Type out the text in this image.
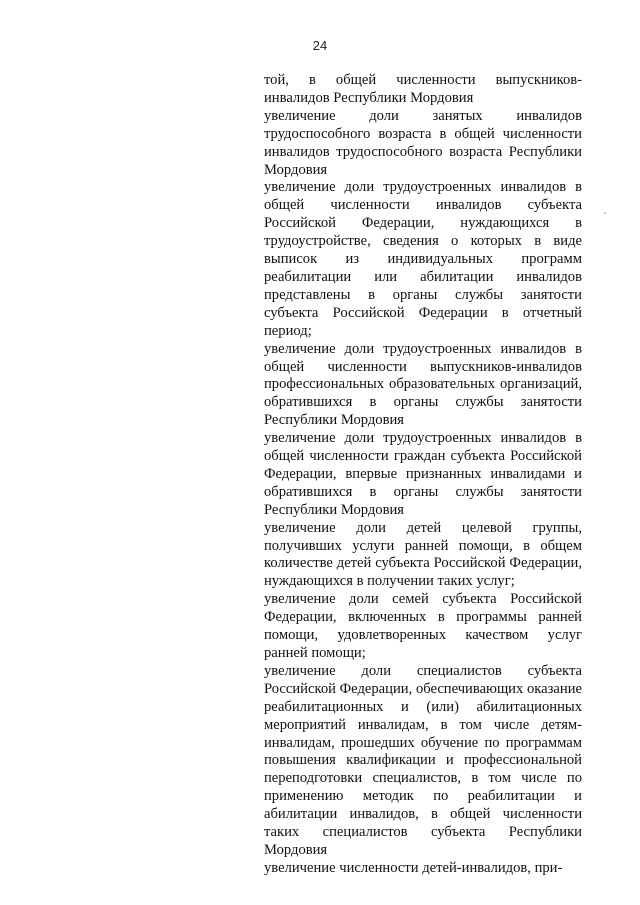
24

той, в общей численности выпускников-инвалидов Республики Мордовия

увеличение доли занятых инвалидов трудоспособного возраста в общей численности инвалидов трудоспособного возраста Республики Мордовия

увеличение доли трудоустроенных инвалидов в общей численности инвалидов субъекта Российской Федерации, нуждающихся в трудоустройстве, сведения о которых в виде выписок из индивидуальных программ реабилитации или абилитации инвалидов представлены в органы службы занятости субъекта Российской Федерации в отчетный период;

увеличение доли трудоустроенных инвалидов в общей численности выпускников-инвалидов профессиональных образовательных организаций, обратившихся в органы службы занятости Республики Мордовия

увеличение доли трудоустроенных инвалидов в общей численности граждан субъекта Российской Федерации, впервые признанных инвалидами и обратившихся в органы службы занятости Республики Мордовия

увеличение доли детей целевой группы, получивших услуги ранней помощи, в общем количестве детей субъекта Российской Федерации, нуждающихся в получении таких услуг;

увеличение доли семей субъекта Российской Федерации, включенных в программы ранней помощи, удовлетворенных качеством услуг ранней помощи;

увеличение доли специалистов субъекта Российской Федерации, обеспечивающих оказание реабилитационных и (или) абилитационных мероприятий инвалидам, в том числе детям-инвалидам, прошедших обучение по программам повышения квалификации и профессиональной переподготовки специалистов, в том числе по применению методик по реабилитации и абилитации инвалидов, в общей численности таких специалистов субъекта Республики Мордовия

увеличение численности детей-инвалидов, при-
